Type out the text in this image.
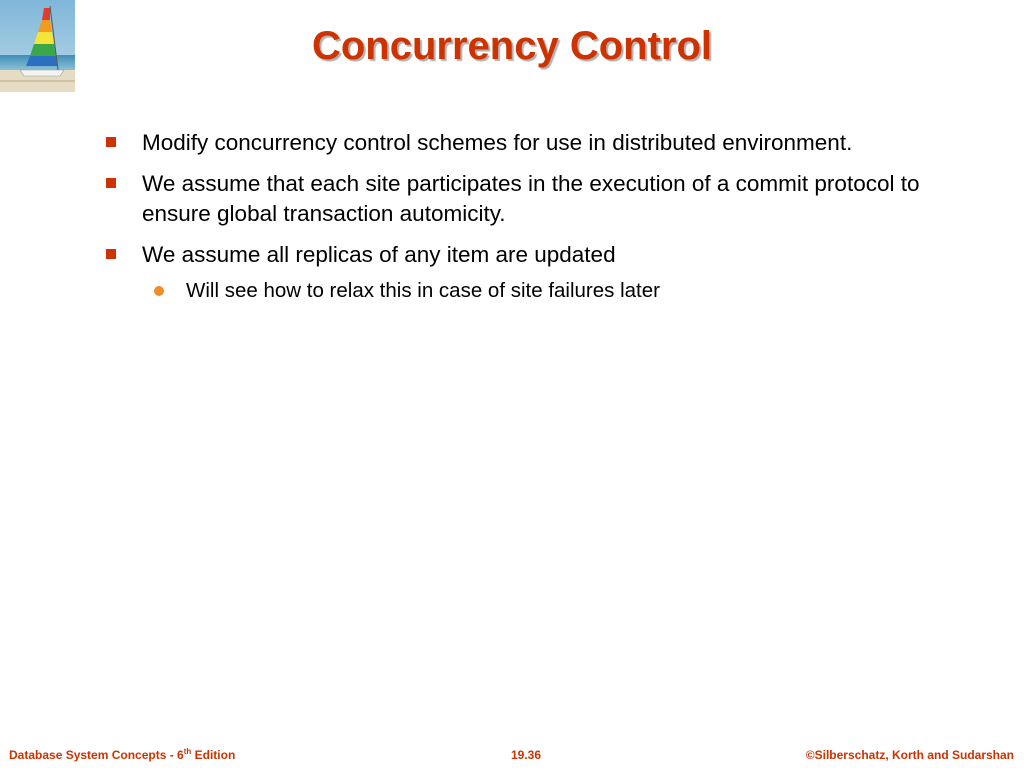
Concurrency Control
Modify concurrency control schemes for use in distributed environment.
We assume that each site participates in the execution of a commit protocol to ensure global transaction automicity.
We assume all replicas of any item are updated
Will see how to relax this in case of site failures later
Database System Concepts - 6th Edition	19.36	©Silberschatz, Korth and Sudarshan
